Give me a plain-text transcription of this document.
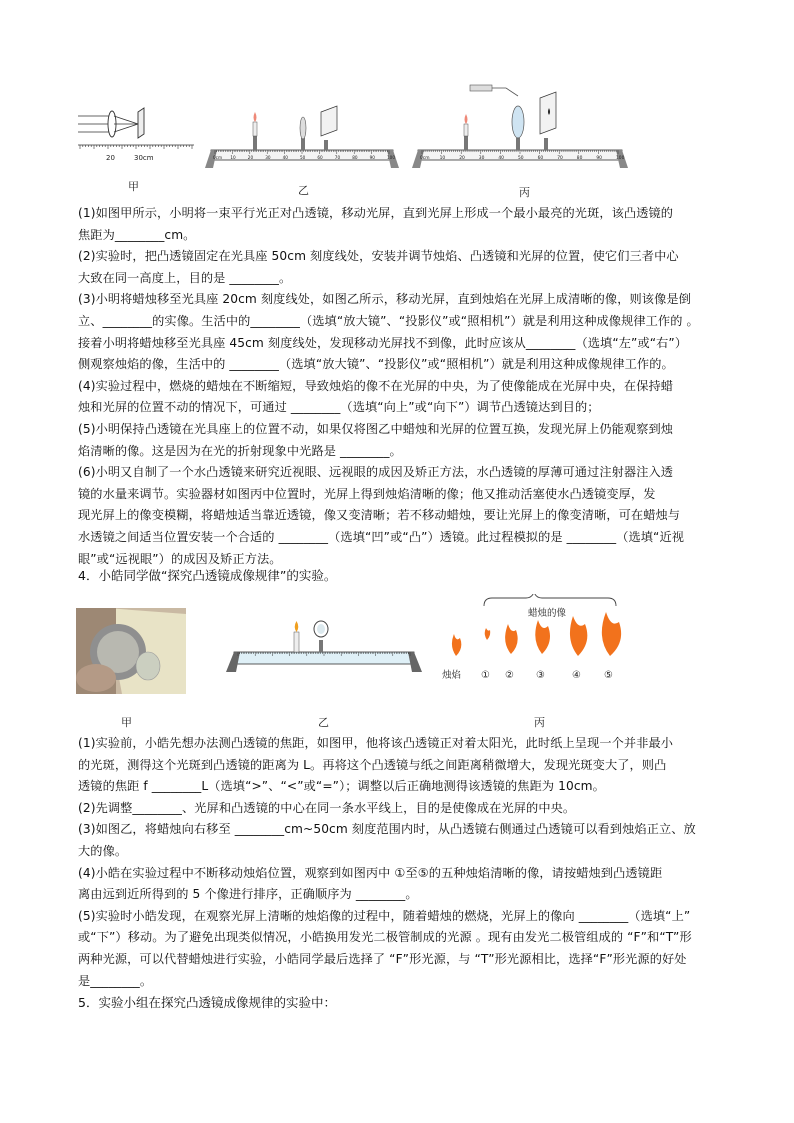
20	30cm
甲
0cm 10	20	30	40	50	60	70	80	90	100
乙
0cm 10	20	30	40	50	60	70	80	90	100
丙

(1)如图甲所示，小明将一束平行光正对凸透镜，移动光屏，直到光屏上形成一个最小最亮的光斑，该凸透镜的

焦距为________cm。

(2)实验时，把凸透镜固定在光具座 50cm 刻度线处，安装并调节烛焰、凸透镜和光屏的位置，使它们三者中心

大致在同一高度上，目的是 ________。

(3)小明将蜡烛移至光具座 20cm 刻度线处，如图乙所示，移动光屏，直到烛焰在光屏上成清晰的像，则该像是倒

立、________的实像。生活中的________（选填“放大镜”、“投影仪”或“照相机”）就是利用这种成像规律工作的 。

接着小明将蜡烛移至光具座 45cm 刻度线处，发现移动光屏找不到像，此时应该从________（选填“左”或“右”）

侧观察烛焰的像，生活中的 ________（选填“放大镜”、“投影仪”或“照相机”）就是利用这种成像规律工作的。

(4)实验过程中，燃烧的蜡烛在不断缩短，导致烛焰的像不在光屏的中央，为了使像能成在光屏中央，在保持蜡

烛和光屏的位置不动的情况下，可通过 ________（选填“向上”或“向下”）调节凸透镜达到目的；

(5)小明保持凸透镜在光具座上的位置不动，如果仅将图乙中蜡烛和光屏的位置互换，发现光屏上仍能观察到烛

焰清晰的像。这是因为在光的折射现象中光路是 ________。

(6)小明又自制了一个水凸透镜来研究近视眼、远视眼的成因及矫正方法，水凸透镜的厚薄可通过注射器注入透

镜的水量来调节。实验器材如图丙中位置时，光屏上得到烛焰清晰的像；他又推动活塞使水凸透镜变厚，发

现光屏上的像变模糊，将蜡烛适当靠近透镜，像又变清晰；若不移动蜡烛，要让光屏上的像变清晰，可在蜡烛与

水透镜之间适当位置安装一个合适的 ________（选填“凹”或“凸”）透镜。此过程模拟的是 ________（选填“近视

眼”或“远视眼”）的成因及矫正方法。

4．小皓同学做“探究凸透镜成像规律”的实验。
甲	乙
蜡烛的像
烛焰 ① ② ③	④ ⑤
丙

(1)实验前，小皓先想办法测凸透镜的焦距，如图甲，他将该凸透镜正对着太阳光，此时纸上呈现一个并非最小

的光斑，测得这个光斑到凸透镜的距离为 L。再将这个凸透镜与纸之间距离稍微增大，发现光斑变大了，则凸

透镜的焦距 f ________L（选填“>”、“<”或“=”）；调整以后正确地测得该透镜的焦距为 10cm。

(2)先调整________、光屏和凸透镜的中心在同一条水平线上，目的是使像成在光屏的中央。

(3)如图乙，将蜡烛向右移至 ________cm~50cm 刻度范围内时，从凸透镜右侧通过凸透镜可以看到烛焰正立、放

大的像。

(4)小皓在实验过程中不断移动烛焰位置，观察到如图丙中 ①至⑤的五种烛焰清晰的像，请按蜡烛到凸透镜距

离由远到近所得到的 5 个像进行排序，正确顺序为 ________。

(5)实验时小皓发现，在观察光屏上清晰的烛焰像的过程中，随着蜡烛的燃烧，光屏上的像向 ________（选填“上”

或“下”）移动。为了避免出现类似情况，小皓换用发光二极管制成的光源 。现有由发光二极管组成的 “F”和“T”形

两种光源，可以代替蜡烛进行实验，小皓同学最后选择了 “F”形光源，与 “T”形光源相比，选择“F”形光源的好处

是________。

5．实验小组在探究凸透镜成像规律的实验中：
